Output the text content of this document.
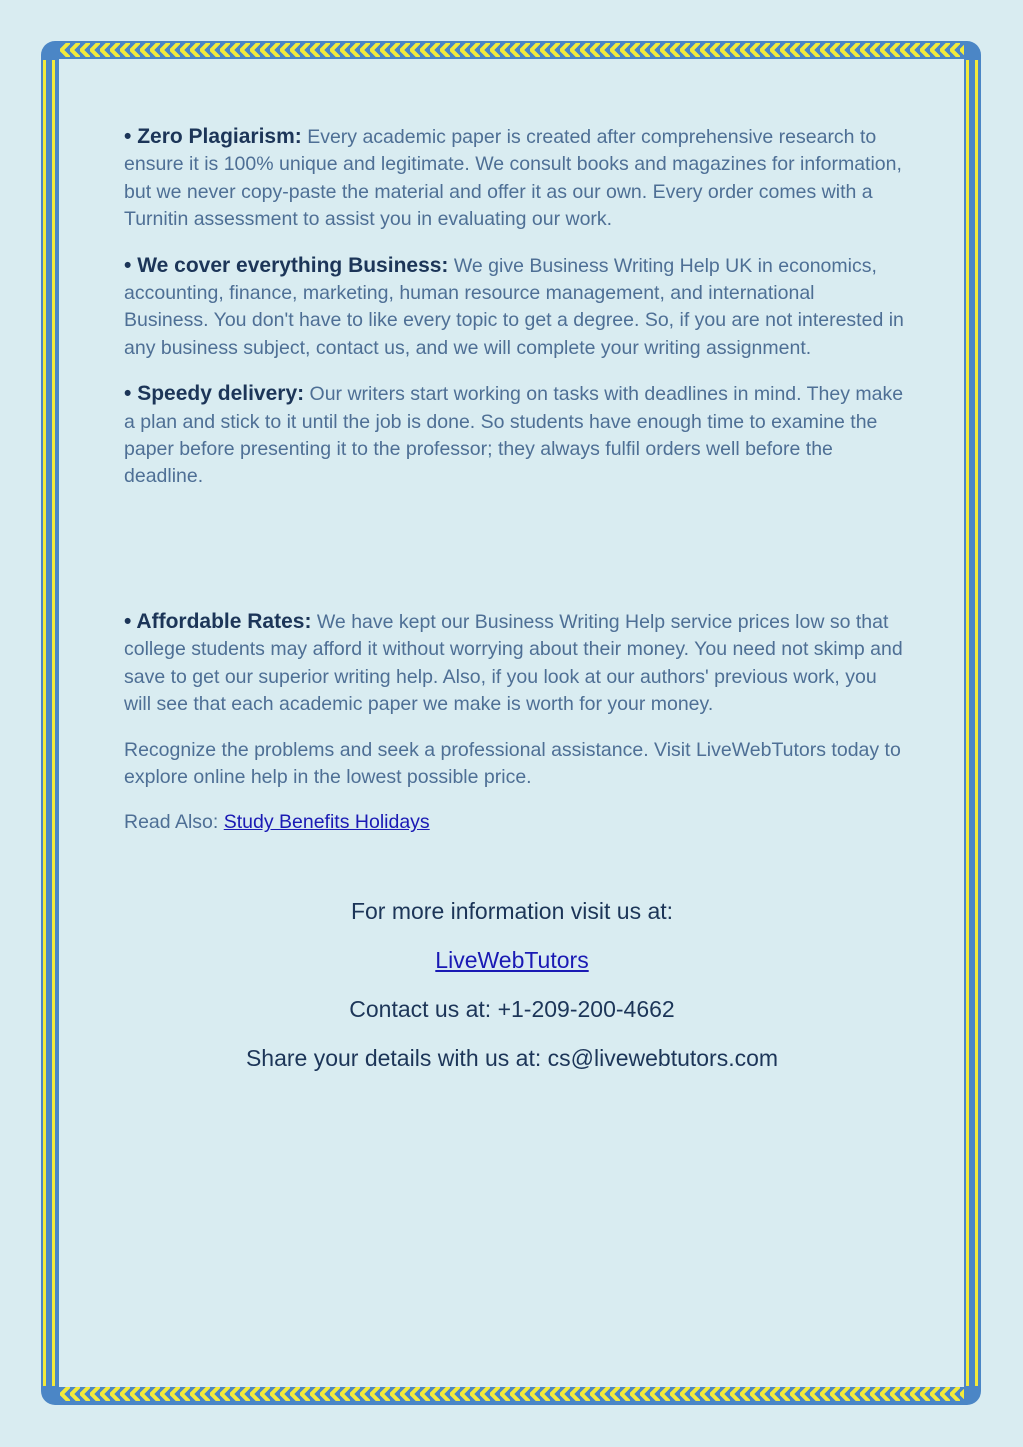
• Zero Plagiarism: Every academic paper is created after comprehensive research to ensure it is 100% unique and legitimate. We consult books and magazines for information, but we never copy-paste the material and offer it as our own. Every order comes with a Turnitin assessment to assist you in evaluating our work.

• We cover everything Business: We give Business Writing Help UK in economics, accounting, finance, marketing, human resource management, and international Business. You don't have to like every topic to get a degree. So, if you are not interested in any business subject, contact us, and we will complete your writing assignment.

• Speedy delivery: Our writers start working on tasks with deadlines in mind. They make a plan and stick to it until the job is done. So students have enough time to examine the paper before presenting it to the professor; they always fulfil orders well before the deadline.

• Affordable Rates: We have kept our Business Writing Help service prices low so that college students may afford it without worrying about their money. You need not skimp and save to get our superior writing help. Also, if you look at our authors' previous work, you will see that each academic paper we make is worth for your money.

Recognize the problems and seek a professional assistance. Visit LiveWebTutors today to explore online help in the lowest possible price.

Read Also: Study Benefits Holidays

For more information visit us at:
LiveWebTutors
Contact us at: +1-209-200-4662
Share your details with us at: cs@livewebtutors.com
